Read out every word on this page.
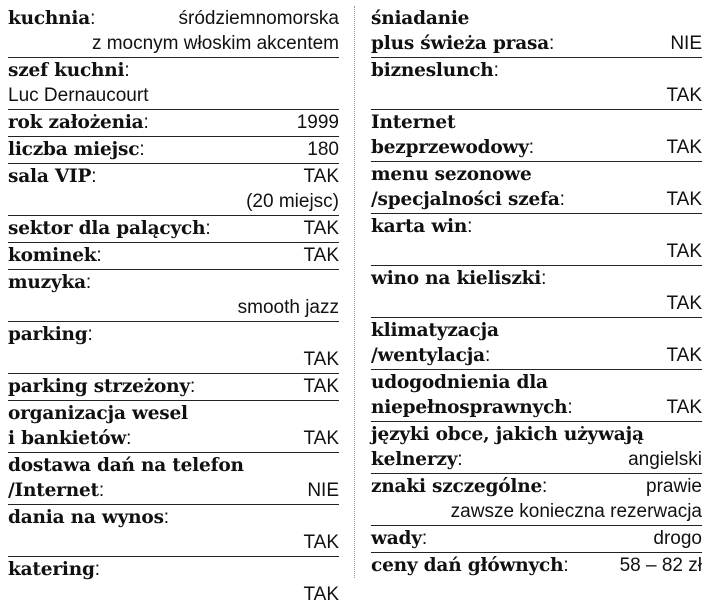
kuchnia:	śródziemnomorska
z mocnym włoskim akcentem
szef kuchni:
Luc Dernaucourt
rok założenia:	1999
liczba miejsc:	180
sala VIP:	TAK
(20 miejsc)
sektor dla palących:	TAK
kominek:	TAK
muzyka:
smooth jazz
parking:
TAK
parking strzeżony:	TAK
organizacja wesel
i bankietów:	TAK
dostawa dań na telefon
/Internet:	NIE
dania na wynos:
TAK
katering:
TAK
śniadanie
plus świeża prasa:	NIE
bizneslunch:
TAK
Internet
bezprzewodowy:	TAK
menu sezonowe
/specjalności szefa:	TAK
karta win:
TAK
wino na kieliszki:
TAK
klimatyzacja
/wentylacja:	TAK
udogodnienia dla
niepełnosprawnych:	TAK
języki obce, jakich używają
kelnerzy:	angielski
znaki szczególne:	prawie
zawsze konieczna rezerwacja
wady:	drogo
ceny dań głównych:	58 – 82 zł
